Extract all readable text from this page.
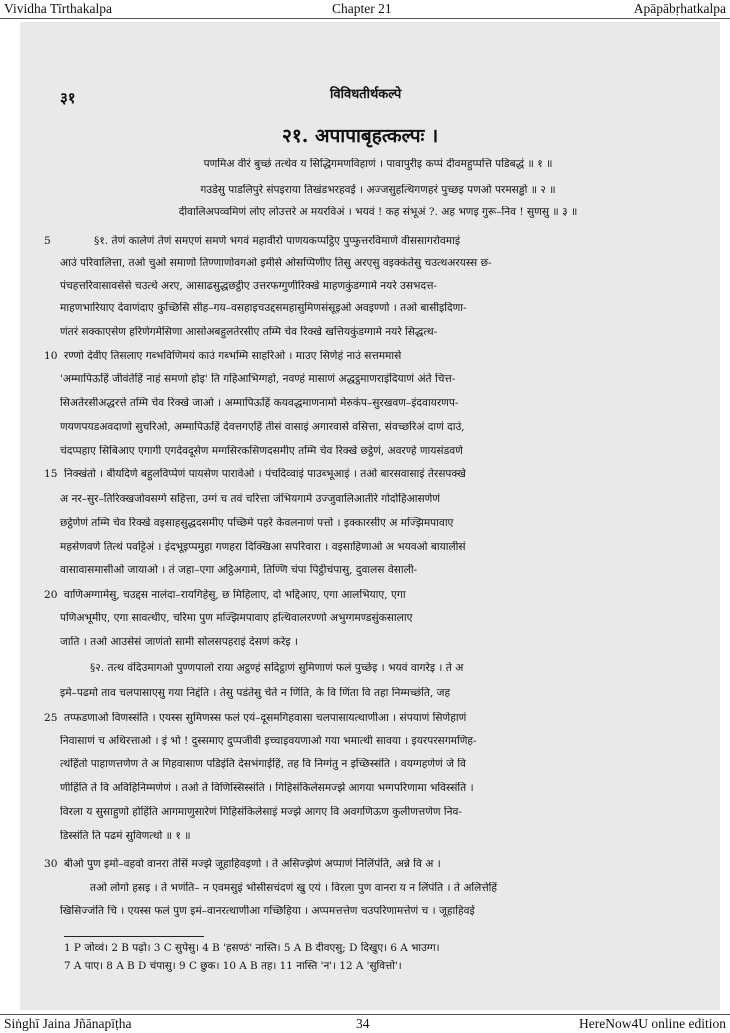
Vividha Tīrthakalpa	Chapter 21	Apāpābṛhatkalpa
३१	विविधतीर्थकल्पे
२१. अपापाबृहत्कल्पः ।
पणमिअ वीरं बुच्छं तत्थेव य सिद्धिगमणविहाणं । पावापुरीइ कप्पं दीवमहुप्पत्ति पडिबद्धं ॥ १ ॥
गउडेसु पाडलिपुरे संपइराया तिखंडभरहवई । अज्जसुहत्थिगणहरं पुच्छइ पणओ परमसड्ढो ॥ २ ॥
दीवालिअपव्वमिणं लोए लोउत्तरे अ मयरविअं । भयवं ! कह संभूअं ?. अह भणइ गुरू–निव ! सुणसु ॥ ३ ॥
§१. तेणं कालेणं तेणं समएणं समणे भगवं महावीरो पाणयकप्पट्ठिए पुप्फुत्तरविमाणे वीससागरोवमाइं
5
आउं परिवालित्ता, तओ चुओ समाणो तिण्णाणोवगओ इमीसे ओसप्पिणीए तिसु अरएसु वइक्कंतेसु चउत्थअरयस्स छ-
पंचहत्तरिवासावसेसे चउत्थे अरए, आसाढसुद्धछट्ठीए उत्तरफग्गुणीरिक्खे माहणकुंडग्गामे नयरे उसभदत्त-
माहणभारियाए देवाणंदाए कुच्छिसि सीह–गय–वसहाइचउद्दसमहासुमिणसंसूइओ अवइण्णो । तओ बासीइदिणा-
णंतरं सक्काएसेण हरिणेगमेसिणा आसोअबहुलतेरसीए तम्मि चेव रिक्खे खत्तियकुंडग्गामे नयरे सिद्धत्थ-
रण्णो देवीए तिसलाए गब्भविणिमयं काउं गब्भम्मि साहरिओ । माउए सिणेहं नाउं सत्तममासे
10
'अम्मापिऊहिं जीवंतेहिं नाहं समणो होइ' ति गहिआभिग्गहो, नवण्हं मासाणं अद्धट्ठमाणराइंदियाणं अंते चित्त-
सिअतेरसीअद्धरत्ते तम्मि चेव रिक्खे जाओ । अम्मापिऊहिं कयवद्धमाणनामो मेरुकंप–सुरखवण–इंदवायरणप-
णयणपयडअवदाणो सुचरिओ, अम्मापिऊहिं देवत्तगएहिं तीसं वासाइं अगारवासे वसित्ता, संवच्छरिअं दाणं दाउं,
चंदप्पहाए सिबिआए एगागी एगदेवदूसेण मग्गसिरकसिणदसमीए तम्मि चेव रिक्खे छट्ठेणं, अवरण्हे णायसंडवणे
निक्खंतो । बीयदिणे बहुलविप्पेणं पायसेण पारावेओ । पंचदिव्वाइं पाउब्भूआइं । तओ बारसवासाइं तेरसपक्खे
15
अ नर–सुर–तिरिक्खजोवसग्गे सहित्ता, उग्गं च तवं चरित्ता जंभियगामे उज्जुवालिआतीरे गोदोहिआसणेणं
छट्ठेणेणं तम्मि चेव रिक्खे वइसाहसुद्धदसमीए पच्छिमे पहरे केवलनाणं पत्तो । इक्कारसीए अ मज्झिमपावाए
महसेणवणे तित्थं पवट्टिअं । इंदभूइप्पमुहा गणहरा दिक्खिआ सपरिवारा । वइसाहिणाओ अ भयवओ बायालीसं
वासावासमासीओ जायाओ । तं जहा–एगा अट्ठिअगामे, तिण्णि चंपा पिट्ठीचंपासु, दुवालस वेसाली-
वाणिअग्गामेसु, चउद्दस नालंदा–रायगिहेसु, छ मिहिलाए, दो भद्दिआए, एगा आलभियाए, एगा
20
पणिअभूमीए, एगा सावत्थीए, चरिमा पुण मज्झिमपावाए हत्थिवालरण्णो अभुग्गमण्डसुंकसालाए
जाति । तओ आउसेसं जाणंतो सामी सोलसपहराइं देसणं करेइ ।
§२. तत्थ वंदिउमागओ पुण्णपालो राया अट्ठण्हं सदिट्ठाणं सुमिणाणं फलं पुच्छेइ । भयवं वागरेइ । ते अ
इमे–पढमो ताव चलपासाएसु गया निद्दंति । तेसु पडंतेसु चेते न णिंति, के वि णिंता वि तहा निम्मच्छंति, जह
तप्फडणाओ विणस्संति । एयस्स सुमिणस्स फलं एयं–दूसमगिहवासा चलपासायत्थाणीआ । संपयाणं सिणेहाणं
25
निवासाणं च अथिरत्ताओ । इं भो ! दुस्समाए दुप्पजीवी इच्चाइवयणाओ गया भमात्थी सावया । इयरपरसगमणिह-
त्थंहिंतो पाहाणत्तणेण ते अ गिहवासाण पडिइंति देसभंगाईहिं, तह वि निग्गंतु न इच्छिस्संति । वयग्गहणेणं जे वि
णीहिंति ते वि अविहिनिम्मणेणं । तओ ते विणिस्सिस्संति । गिहिसंकिलेसमज्झे आगया भग्गपरिणामा भविस्संति ।
विरला य सुसाहुणो होहिंति आगमाणुसारेणं गिहिसंकिलेसाइं मज्झे आगए वि अवगणिऊण कुलीणत्तणेण निव-
डिस्संति ति पढमं सुविणत्थो ॥ १ ॥
बीओ पुण इमो–वहवो वानरा तेसिं मज्झे जूहाहिवइणो । ते असिज्झेणं अप्पाणं निलिंपंति, अन्ने वि अ ।
30
तओ लोगो हसइ । ते भणंति– न एवमसुइं भोसीसचंदणं खु एयं । विरला पुण वानरा य न लिंपंति । ते अलित्तेहिं
खिसिज्जंति चि । एयस्स फलं पुण इमं–वानरत्थाणीआ गच्छिहिया । अप्पमत्तत्तेण चउपरिणामत्तेणं च । जूहाहिवई
1 P जोव्वं। 2 B पढ़ो। 3 C सुपेसु। 4 B 'हसण्ठं' नास्ति। 5 A B दीवएसु; D दिखुए। 6 A भाउग्ग।
7 A पाए। 8 A B D चंपासु। 9 C छुक। 10 A B तह। 11 नास्ति 'न'। 12 A 'सुवित्तो'।
Siṅghī Jaina Jñānapīṭha	34	HereNow4U online edition
